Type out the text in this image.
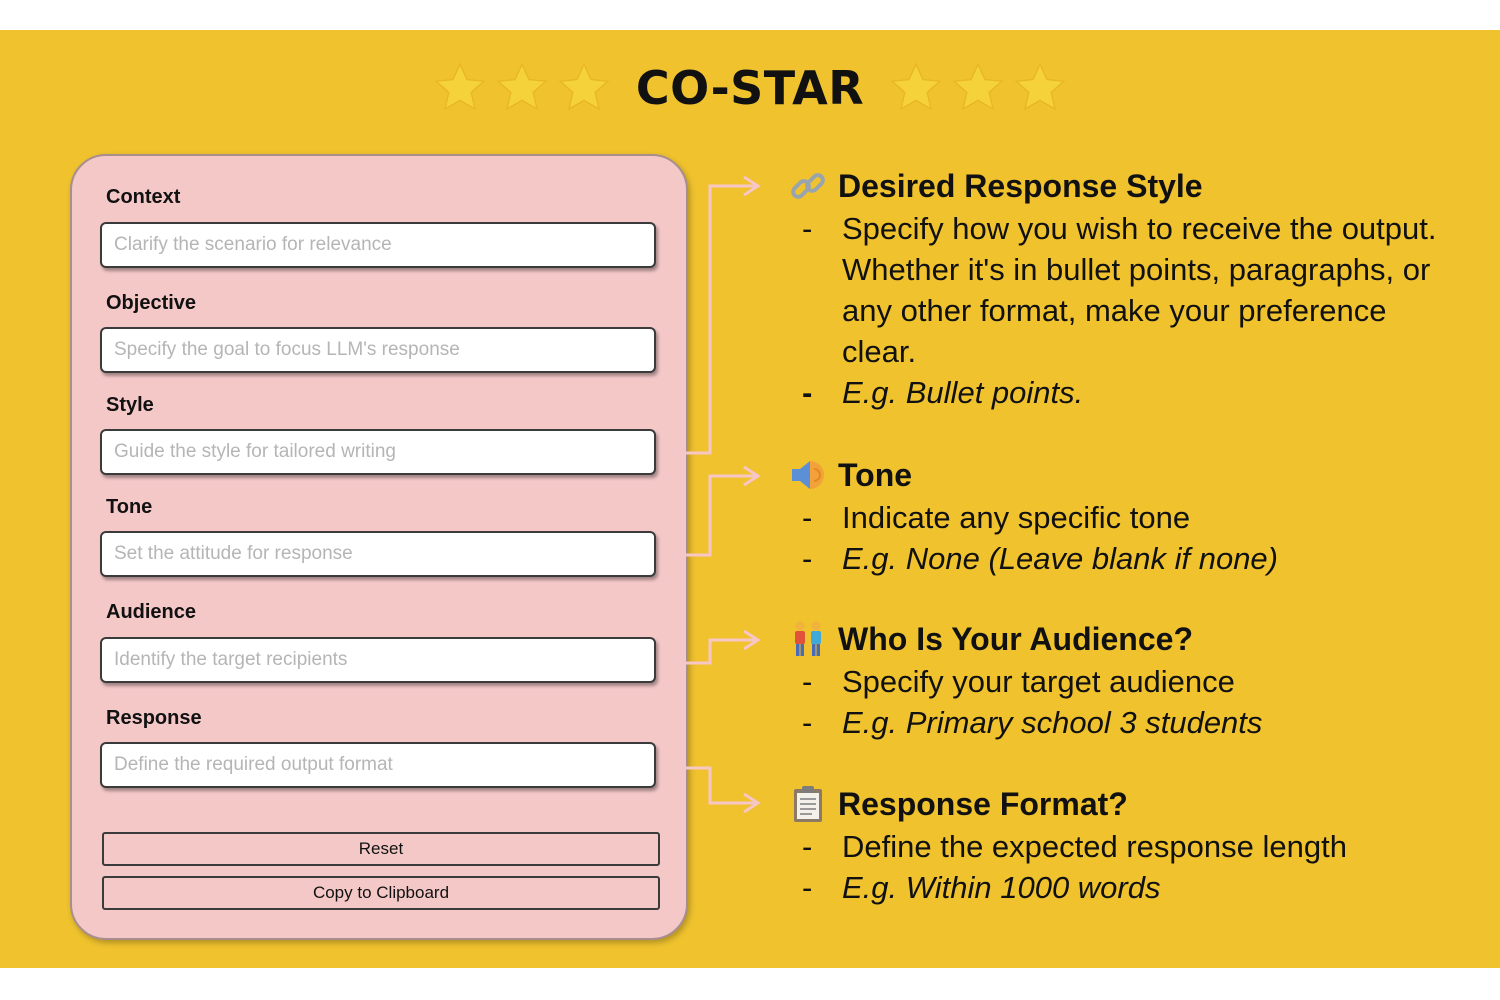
CO-STAR
Context
Clarify the scenario for relevance
Objective
Specify the goal to focus LLM's response
Style
Guide the style for tailored writing
Tone
Set the attitude for response
Audience
Identify the target recipients
Response
Define the required output format
Reset
Copy to Clipboard
Desired Response Style
- Specify how you wish to receive the output. Whether it's in bullet points, paragraphs, or any other format, make your preference clear.
- E.g. Bullet points.
Tone
- Indicate any specific tone
- E.g. None (Leave blank if none)
Who Is Your Audience?
- Specify your target audience
- E.g. Primary school 3 students
Response Format?
- Define the expected response length
- E.g. Within 1000 words
